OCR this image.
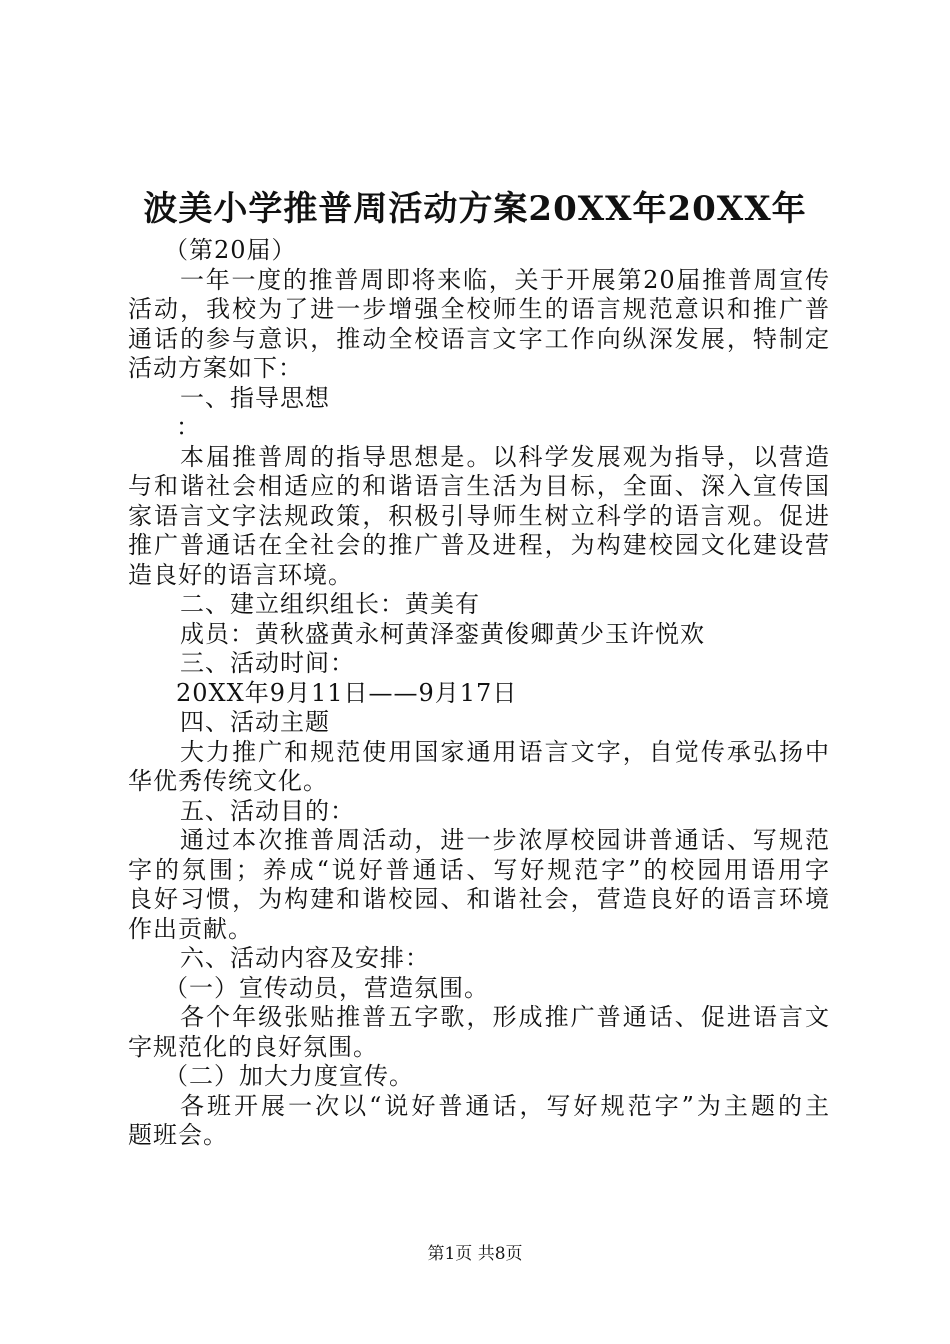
波美小学推普周活动方案20XX年20XX年
（第20届）
一年一度的推普周即将来临，关于开展第20届推普周宣传
活动，我校为了进一步增强全校师生的语言规范意识和推广普
通话的参与意识，推动全校语言文字工作向纵深发展，特制定
活动方案如下：
一、指导思想
：
本届推普周的指导思想是。以科学发展观为指导，以营造
与和谐社会相适应的和谐语言生活为目标，全面、深入宣传国
家语言文字法规政策，积极引导师生树立科学的语言观。促进
推广普通话在全社会的推广普及进程，为构建校园文化建设营
造良好的语言环境。
二、建立组织组长：黄美有
成员：黄秋盛黄永柯黄泽銮黄俊卿黄少玉许悦欢
三、活动时间：
20XX年9月11日——9月17日
四、活动主题
大力推广和规范使用国家通用语言文字，自觉传承弘扬中
华优秀传统文化。
五、活动目的：
通过本次推普周活动，进一步浓厚校园讲普通话、写规范
字的氛围；养成“说好普通话、写好规范字”的校园用语用字
良好习惯，为构建和谐校园、和谐社会，营造良好的语言环境
作出贡献。
六、活动内容及安排：
（一）宣传动员，营造氛围。
各个年级张贴推普五字歌，形成推广普通话、促进语言文
字规范化的良好氛围。
（二）加大力度宣传。
各班开展一次以“说好普通话，写好规范字”为主题的主
题班会。
第1页 共8页
